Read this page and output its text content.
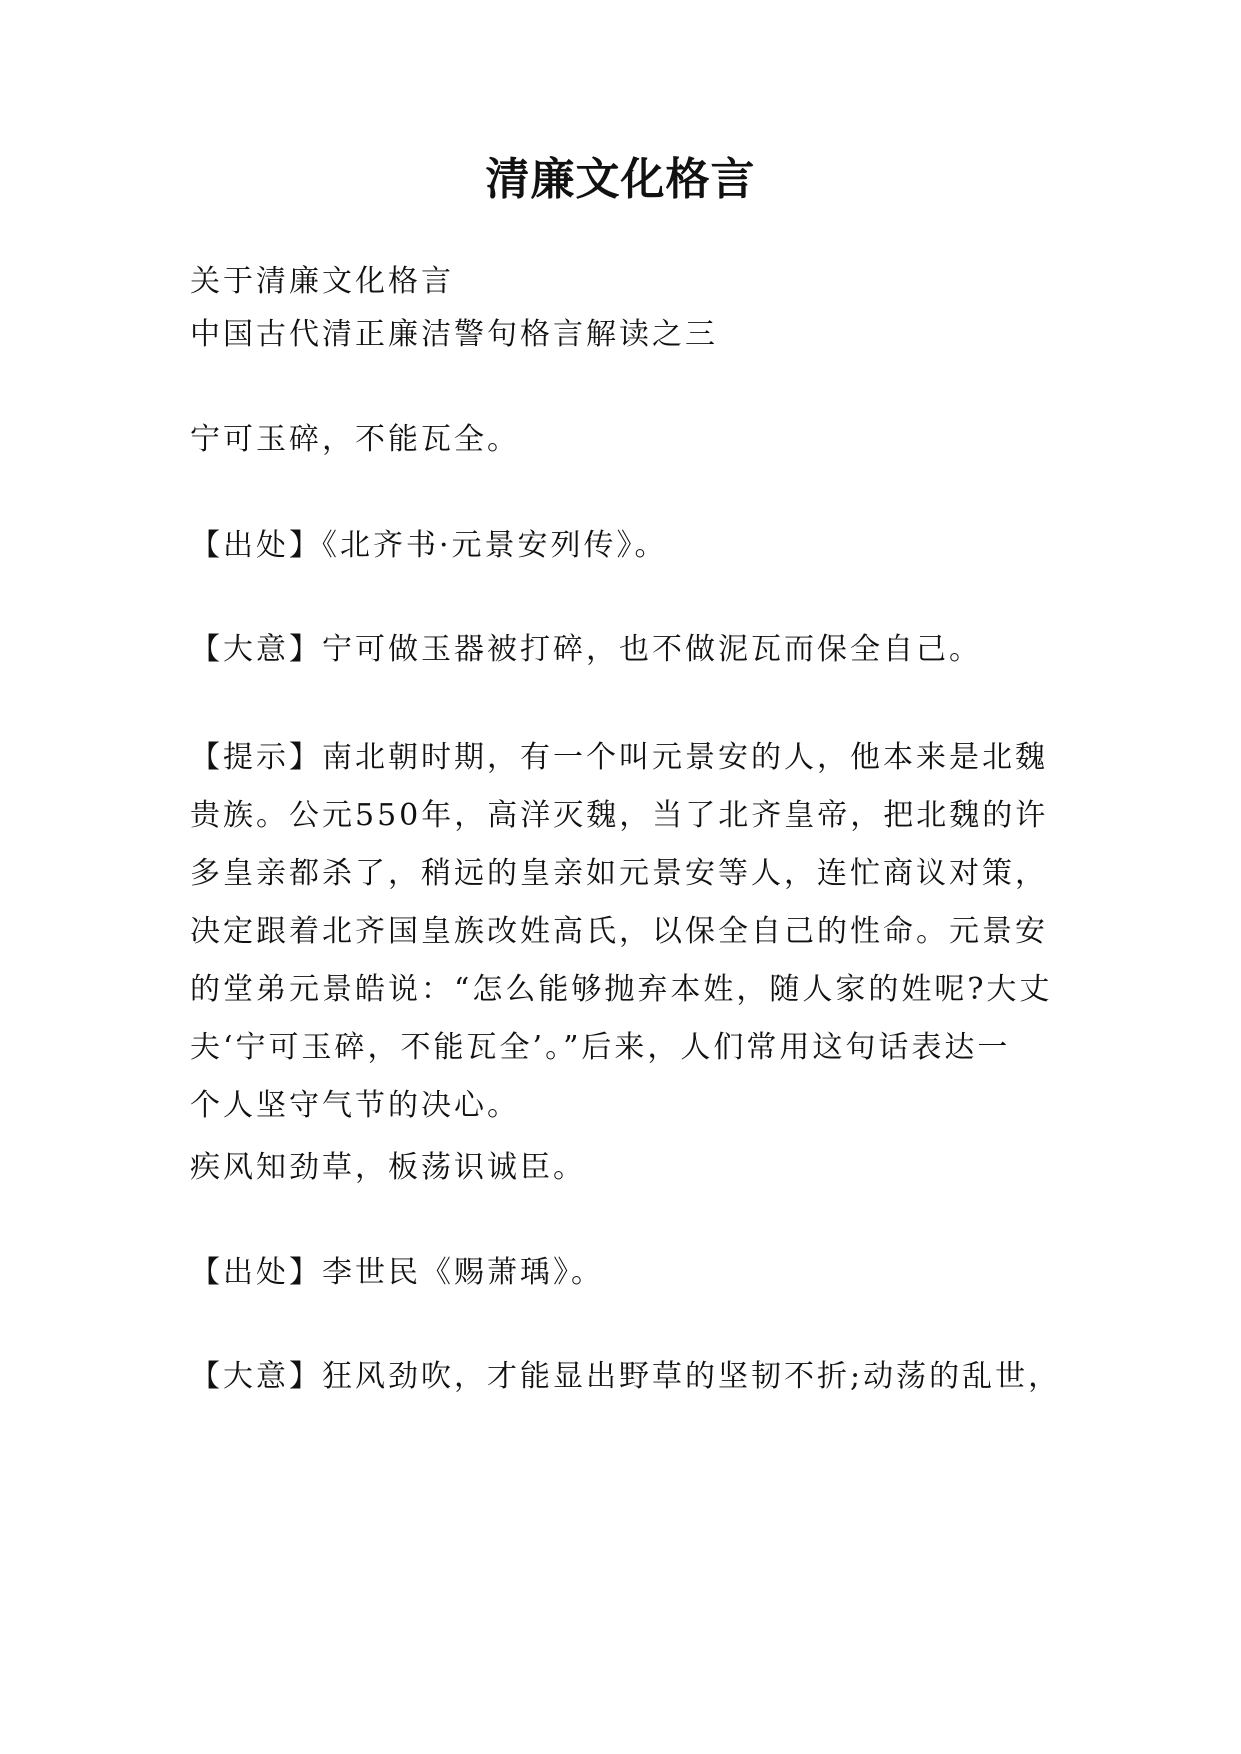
清廉文化格言

关于清廉文化格言

中国古代清正廉洁警句格言解读之三

宁可玉碎，不能瓦全。

【出处】《北齐书·元景安列传》。

【大意】宁可做玉器被打碎，也不做泥瓦而保全自己。

【提示】南北朝时期，有一个叫元景安的人，他本来是北魏
贵族。公元550年，高洋灭魏，当了北齐皇帝，把北魏的许
多皇亲都杀了，稍远的皇亲如元景安等人，连忙商议对策，
决定跟着北齐国皇族改姓高氏，以保全自己的性命。元景安
的堂弟元景皓说：“怎么能够抛弃本姓，随人家的姓呢?大丈
夫‘宁可玉碎，不能瓦全’。”后来，人们常用这句话表达一
个人坚守气节的决心。

疾风知劲草，板荡识诚臣。

【出处】李世民《赐萧瑀》。

【大意】狂风劲吹，才能显出野草的坚韧不折;动荡的乱世，
